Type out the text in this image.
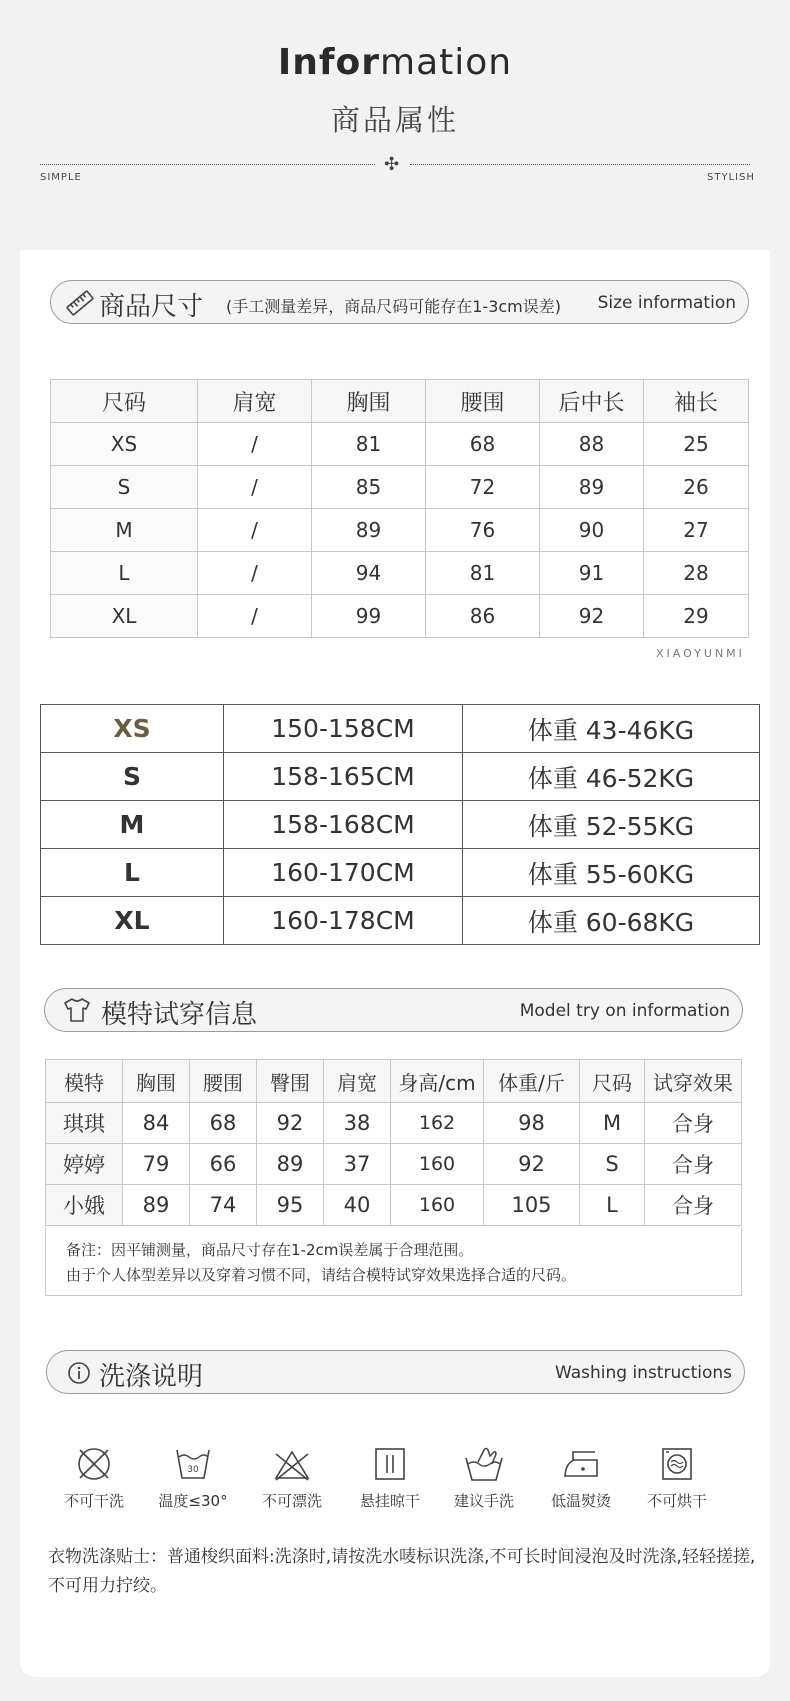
Information
商品属性
✣
SIMPLE	STYLISH
商品尺寸 (手工测量差异，商品尺码可能存在1-3cm误差) Size information
尺码	肩宽	胸围	腰围	后中长	袖长
XS	/	81	68	88	25
S	/	85	72	89	26
M	/	89	76	90	27
L	/	94	81	91	28
XL	/	99	86	92	29
XIAOYUNMI
XS	150-158CM	体重 43-46KG
S	158-165CM	体重 46-52KG
M	158-168CM	体重 52-55KG
L	160-170CM	体重 55-60KG
XL	160-178CM	体重 60-68KG
模特试穿信息	Model try on information
模特	胸围	腰围	臀围	肩宽	身高/cm	体重/斤	尺码	试穿效果
琪琪	84	68	92	38	162	98	M	合身
婷婷	79	66	89	37	160	92	S	合身
小娥	89	74	95	40	160	105	L	合身
备注：因平铺测量，商品尺寸存在1-2cm误差属于合理范围。
由于个人体型差异以及穿着习惯不同，请结合模特试穿效果选择合适的尺码。
洗涤说明	Washing instructions
不可干洗
30
温度≤30°	不可漂洗	悬挂晾干	建议手洗	低温熨烫	不可烘干
衣物洗涤贴士：普通梭织面料:洗涤时,请按洗水唛标识洗涤,不可长时间浸泡及时洗涤,轻轻搓搓,不可用力拧绞。
